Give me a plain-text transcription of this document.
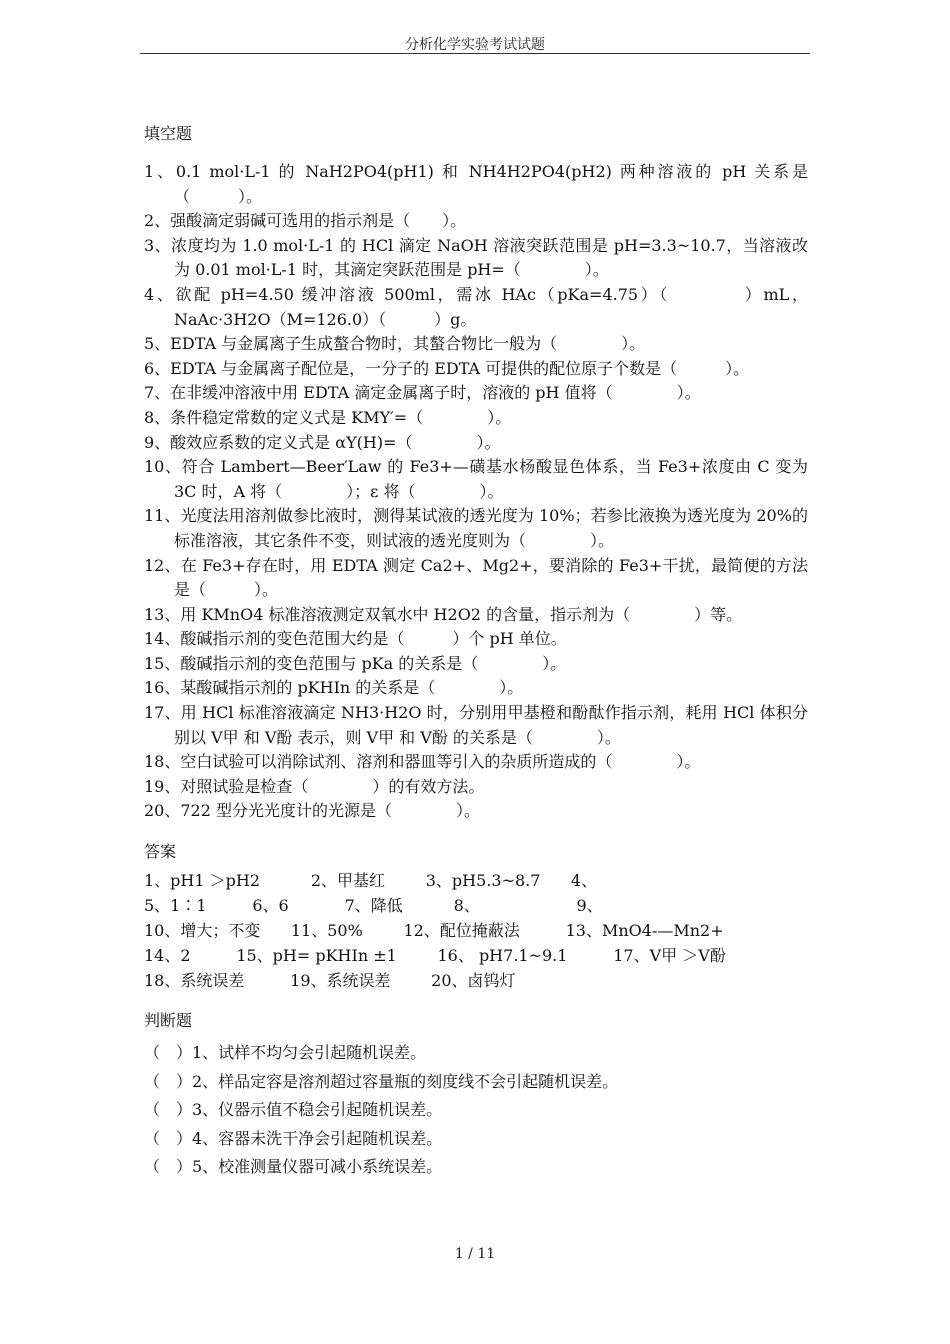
分析化学实验考试试题
填空题
1、0.1 mol·L-1 的 NaH2PO4(pH1) 和 NH4H2PO4(pH2) 两种溶液的 pH 关系是（　　　）。
2、强酸滴定弱碱可选用的指示剂是（　　）。
3、浓度均为 1.0 mol·L-1 的 HCl 滴定 NaOH 溶液突跃范围是 pH=3.3~10.7，当溶液改为 0.01 mol·L-1 时，其滴定突跃范围是 pH=（　　　　）。
4、欲配 pH=4.50 缓冲溶液 500ml，需冰 HAc（pKa=4.75）（　　　　）mL，NaAc·3H2O（M=126.0）（　　　）g。
5、EDTA 与金属离子生成螯合物时，其螯合物比一般为（　　　　）。
6、EDTA 与金属离子配位是，一分子的 EDTA 可提供的配位原子个数是（　　　）。
7、在非缓冲溶液中用 EDTA 滴定金属离子时，溶液的 pH 值将（　　　　）。
8、条件稳定常数的定义式是 KMY′=（　　　　）。
9、酸效应系数的定义式是 αY(H)=（　　　　）。
10、符合 Lambert—Beer′Law 的 Fe3+—磺基水杨酸显色体系，当 Fe3+浓度由 C 变为 3C 时，A 将（　　　　）；ε 将（　　　　）。
11、光度法用溶剂做参比液时，测得某试液的透光度为 10%；若参比液换为透光度为 20%的标准溶液，其它条件不变，则试液的透光度则为（　　　　）。
12、在 Fe3+存在时，用 EDTA 测定 Ca2+、Mg2+，要消除的 Fe3+干扰，最简便的方法是（　　　）。
13、用 KMnO4 标准溶液测定双氧水中 H2O2 的含量，指示剂为（　　　　）等。
14、酸碱指示剂的变色范围大约是（　　　）个 pH 单位。
15、酸碱指示剂的变色范围与 pKa 的关系是（　　　　）。
16、某酸碱指示剂的 pKHIn 的关系是（　　　　）。
17、用 HCl 标准溶液滴定 NH3·H2O 时，分别用甲基橙和酚酞作指示剂，耗用 HCl 体积分别以 V甲 和 V酚 表示，则 V甲 和 V酚 的关系是（　　　　）。
18、空白试验可以消除试剂、溶剂和器皿等引入的杂质所造成的（　　　　）。
19、对照试验是检查（　　　　）的有效方法。
20、722 型分光光度计的光源是（　　　　）。
答案
1、pH1 ＞pH2          2、甲基红        3、pH5.3~8.7      4、
5、1∶1         6、6           7、降低          8、                   9、
10、增大；不变      11、50%        12、配位掩蔽法         13、MnO4-—Mn2+
14、2         15、pH= pKHIn ±1        16、 pH7.1~9.1         17、V甲 ＞V酚
18、系统误差         19、系统误差        20、卤钨灯
判断题
（　）1、试样不均匀会引起随机误差。
（　）2、样品定容是溶剂超过容量瓶的刻度线不会引起随机误差。
（　）3、仪器示值不稳会引起随机误差。
（　）4、容器未洗干净会引起随机误差。
（　）5、校准测量仪器可减小系统误差。
1 / 11
